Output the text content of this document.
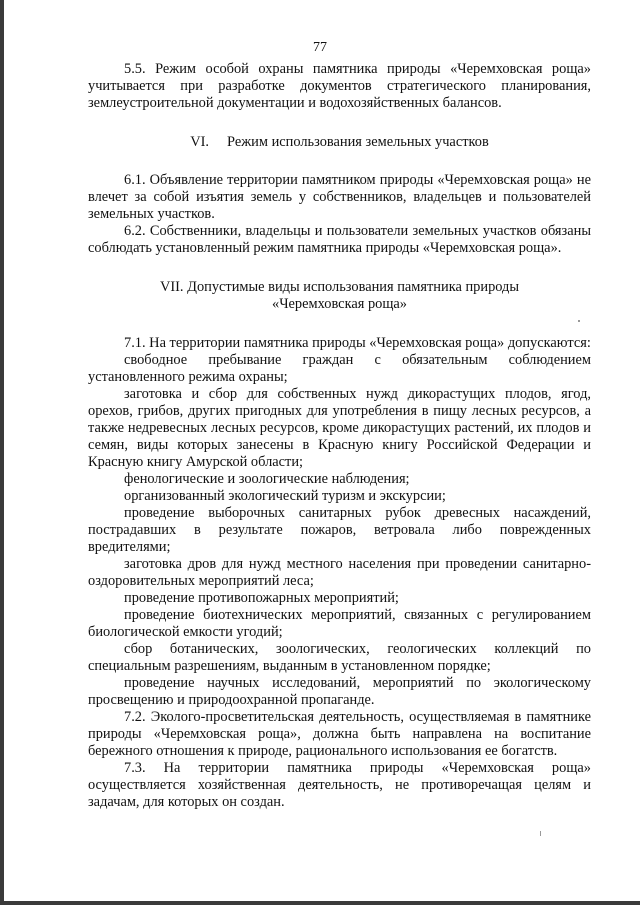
77

5.5. Режим особой охраны памятника природы «Черемховская роща» учитывается при разработке документов стратегического планирования, землеустроительной документации и водохозяйственных балансов.

VI. Режим использования земельных участков

6.1. Объявление территории памятником природы «Черемховская роща» не влечет за собой изъятия земель у собственников, владельцев и пользователей земельных участков.

6.2. Собственники, владельцы и пользователи земельных участков обязаны соблюдать установленный режим памятника природы «Черемховская роща».

VII. Допустимые виды использования памятника природы

«Черемховская роща»

7.1. На территории памятника природы «Черемховская роща» допускаются:

свободное пребывание граждан с обязательным соблюдением установленного режима охраны;

заготовка и сбор для собственных нужд дикорастущих плодов, ягод, орехов, грибов, других пригодных для употребления в пищу лесных ресурсов, а также недревесных лесных ресурсов, кроме дикорастущих растений, их плодов и семян, виды которых занесены в Красную книгу Российской Федерации и Красную книгу Амурской области;

фенологические и зоологические наблюдения;

организованный экологический туризм и экскурсии;

проведение выборочных санитарных рубок древесных насаждений, пострадавших в результате пожаров, ветровала либо поврежденных вредителями;

заготовка дров для нужд местного населения при проведении санитарно-оздоровительных мероприятий леса;

проведение противопожарных мероприятий;

проведение биотехнических мероприятий, связанных с регулированием биологической емкости угодий;

сбор ботанических, зоологических, геологических коллекций по специальным разрешениям, выданным в установленном порядке;

проведение научных исследований, мероприятий по экологическому просвещению и природоохранной пропаганде.

7.2. Эколого-просветительская деятельность, осуществляемая в памятнике природы «Черемховская роща», должна быть направлена на воспитание бережного отношения к природе, рационального использования ее богатств.

7.3. На территории памятника природы «Черемховская роща» осуществляется хозяйственная деятельность, не противоречащая целям и задачам, для которых он создан.
